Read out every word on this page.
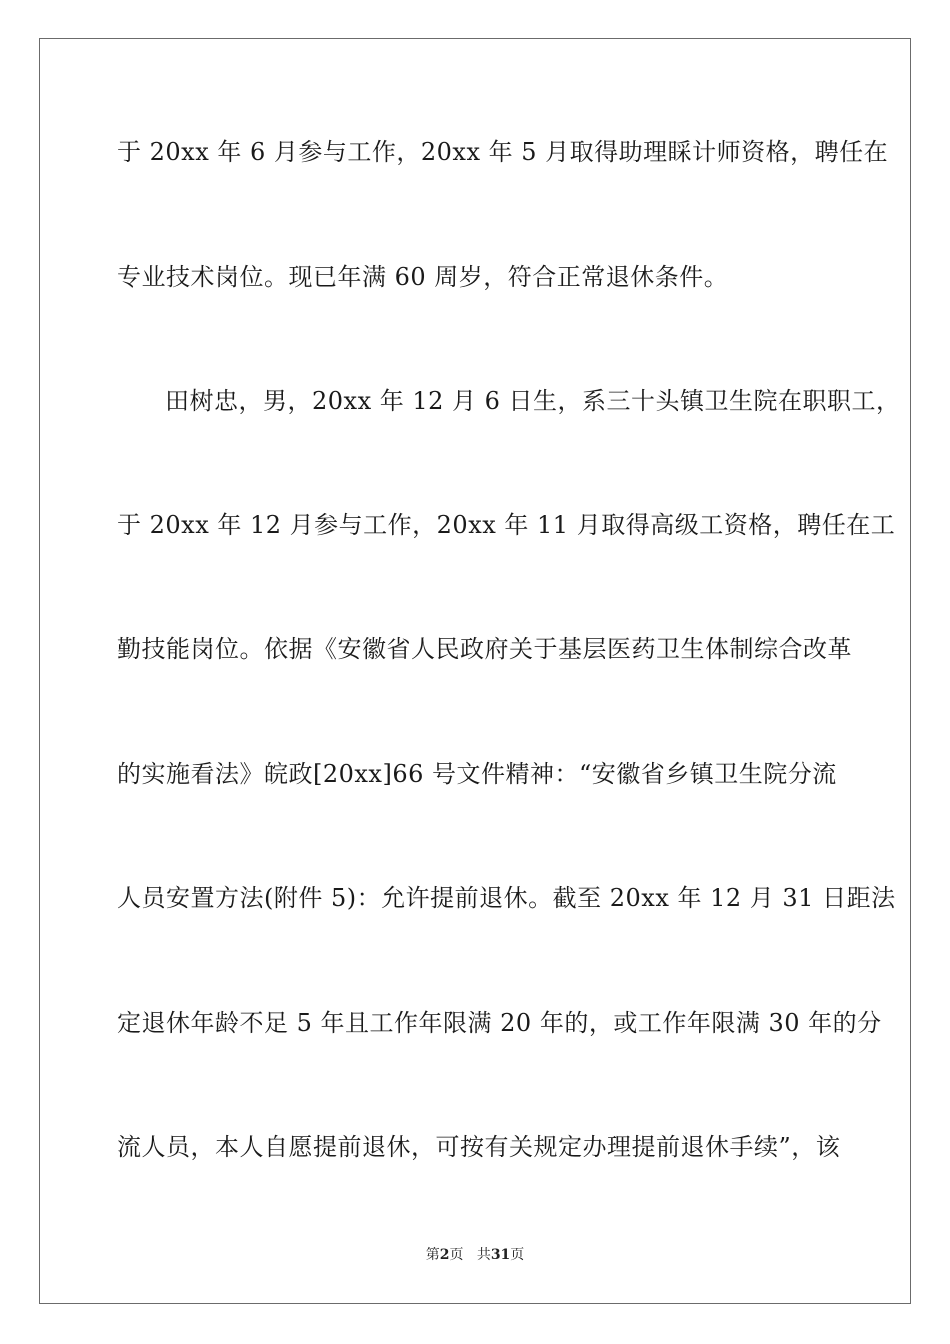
于 20xx 年 6 月参与工作，20xx 年 5 月取得助理睬计师资格，聘任在
专业技术岗位。现已年满 60 周岁，符合正常退休条件。
田树忠，男，20xx 年 12 月 6 日生，系三十头镇卫生院在职职工，
于 20xx 年 12 月参与工作，20xx 年 11 月取得高级工资格，聘任在工
勤技能岗位。依据《安徽省人民政府关于基层医药卫生体制综合改革
的实施看法》皖政[20xx]66 号文件精神：“安徽省乡镇卫生院分流
人员安置方法(附件 5)：允许提前退休。截至 20xx 年 12 月 31 日距法
定退休年龄不足 5 年且工作年限满 20 年的，或工作年限满 30 年的分
流人员，本人自愿提前退休，可按有关规定办理提前退休手续”，该
第2页 共31页
